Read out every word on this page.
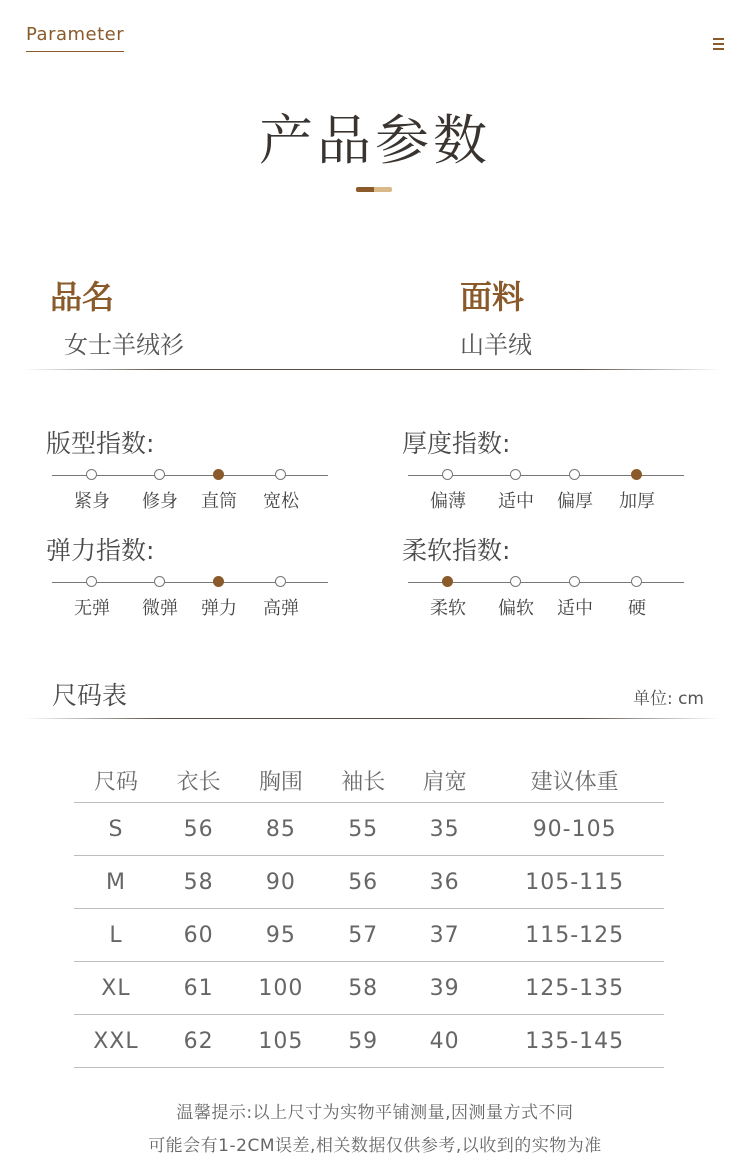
Parameter
产品参数
品名
女士羊绒衫
面料
山羊绒
版型指数:
紧身 修身 直筒 宽松
厚度指数:
偏薄 适中 偏厚 加厚
弹力指数:
无弹 微弹 弹力 高弹
柔软指数:
柔软 偏软 适中 硬
尺码表	单位: cm
尺码	衣长	胸围	袖长	肩宽	建议体重
S	56	85	55	35	90-105
M	58	90	56	36	105-115
L	60	95	57	37	115-125
XL	61	100	58	39	125-135
XXL	62	105	59	40	135-145
温馨提示:以上尺寸为实物平铺测量,因测量方式不同
可能会有1-2CM误差,相关数据仅供参考,以收到的实物为准
